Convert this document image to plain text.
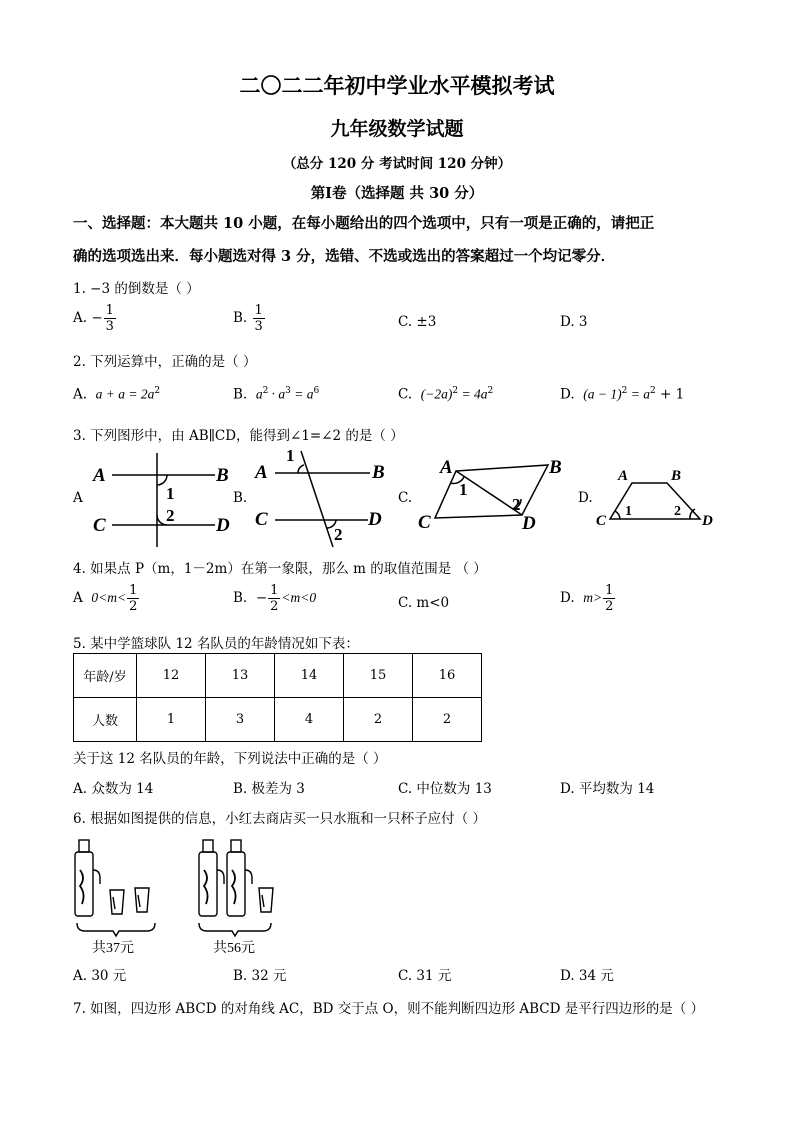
二〇二二年初中学业水平模拟考试
九年级数学试题
（总分 120 分 考试时间 120 分钟）
第Ⅰ卷（选择题 共 30 分）
一、选择题：本大题共 10 小题，在每小题给出的四个选项中，只有一项是正确的，请把正
确的选项选出来．每小题选对得 3 分，选错、不选或选出的答案超过一个均记零分．
1. −3 的倒数是（ ）
A. − $\frac{1}{3}$	B. $\frac{1}{3}$	C. ±3	D. 3
2. 下列运算中，正确的是（ ）
A. $a + a = 2a^2$	B. $a^2 \cdot a^3 = a^6$	C. $(-2a)^2 = 4a^2$	D. $(a - 1)^2 = a^2 + 1$
3. 下列图形中，由 AB∥CD，能得到∠1=∠2 的是（ ）
A	B.	C.	D.
A	B
C	D
1
2
A	B
C	D
1
2
A	B
C	D
1
2
A	B
C	D
1	2
4. 如果点 P（m，1－2m）在第一象限，那么 m 的取值范围是 （ ）
A $0<m< \frac{1}{2}$	B. − $\frac{1}{2} <m<0$	C. m<0	D. $m> \frac{1}{2}$
5. 某中学篮球队 12 名队员的年龄情况如下表：
年龄/岁	12	13	14	15	16
人数	1	3	4	2	2
关于这 12 名队员的年龄，下列说法中正确的是（ ）
A. 众数为 14	B. 极差为 3	C. 中位数为 13	D. 平均数为 14
6. 根据如图提供的信息，小红去商店买一只水瓶和一只杯子应付（ ）
共37元	共56元
A. 30 元	B. 32 元	C. 31 元	D. 34 元
7. 如图，四边形 ABCD 的对角线 AC，BD 交于点 O，则不能判断四边形 ABCD 是平行四边形的是（ ）
